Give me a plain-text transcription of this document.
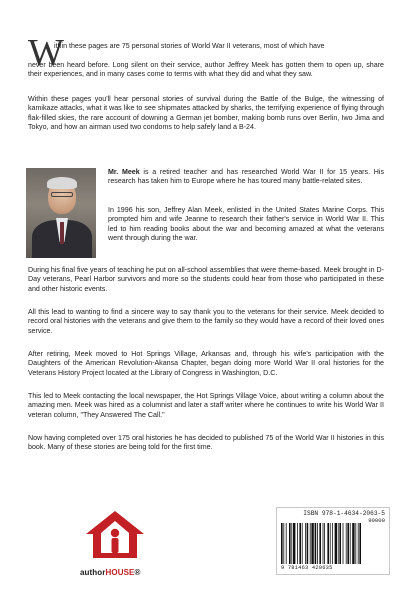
W

ithin these pages are 75 personal stories of World War II veterans, most of which have

never been heard before. Long silent on their service, author Jeffrey Meek has gotten them to open up, share their experiences, and in many cases come to terms with what they did and what they saw.

Within these pages you'll hear personal stories of survival during the Battle of the Bulge, the witnessing of kamikaze attacks, what it was like to see shipmates attacked by sharks, the terrifying experience of flying through flak-filled skies, the rare account of downing a German jet bomber, making bomb runs over Berlin, Iwo Jima and Tokyo, and how an airman used two condoms to help safely land a B-24.

Mr. Meek is a retired teacher and has researched World War II for 15 years. His research has taken him to Europe where he has toured many battle-related sites.

In 1996 his son, Jeffrey Alan Meek, enlisted in the United States Marine Corps. This prompted him and wife Jeanne to research their father's service in World War II. This led to him reading books about the war and becoming amazed at what the veterans went through during the war.

During his final five years of teaching he put on all-school assemblies that were theme-based. Meek brought in D-Day veterans, Pearl Harbor survivors and more so the students could hear from those who participated in these and other historic events.

All this lead to wanting to find a sincere way to say thank you to the veterans for their service. Meek decided to record oral histories with the veterans and give them to the family so they would have a record of their loved ones service.

After retiring, Meek moved to Hot Springs Village, Arkansas and, through his wife's participation with the Daughters of the American Revolution-Akansa Chapter, began doing more World War II oral histories for the Veterans History Project located at the Library of Congress in Washington, D.C.

This led to Meek contacting the local newspaper, the Hot Springs Village Voice, about writing a column about the amazing men. Meek was hired as a columnist and later a staff writer where he continues to write his World War II veteran column, "They Answered The Call."

Now having completed over 175 oral histories he has decided to published 75 of the World War II histories in this book. Many of these stories are being told for the first time.

authorHOUSE®
ISBN 978-1-4634-2063-5
90000
9 781463 420635
